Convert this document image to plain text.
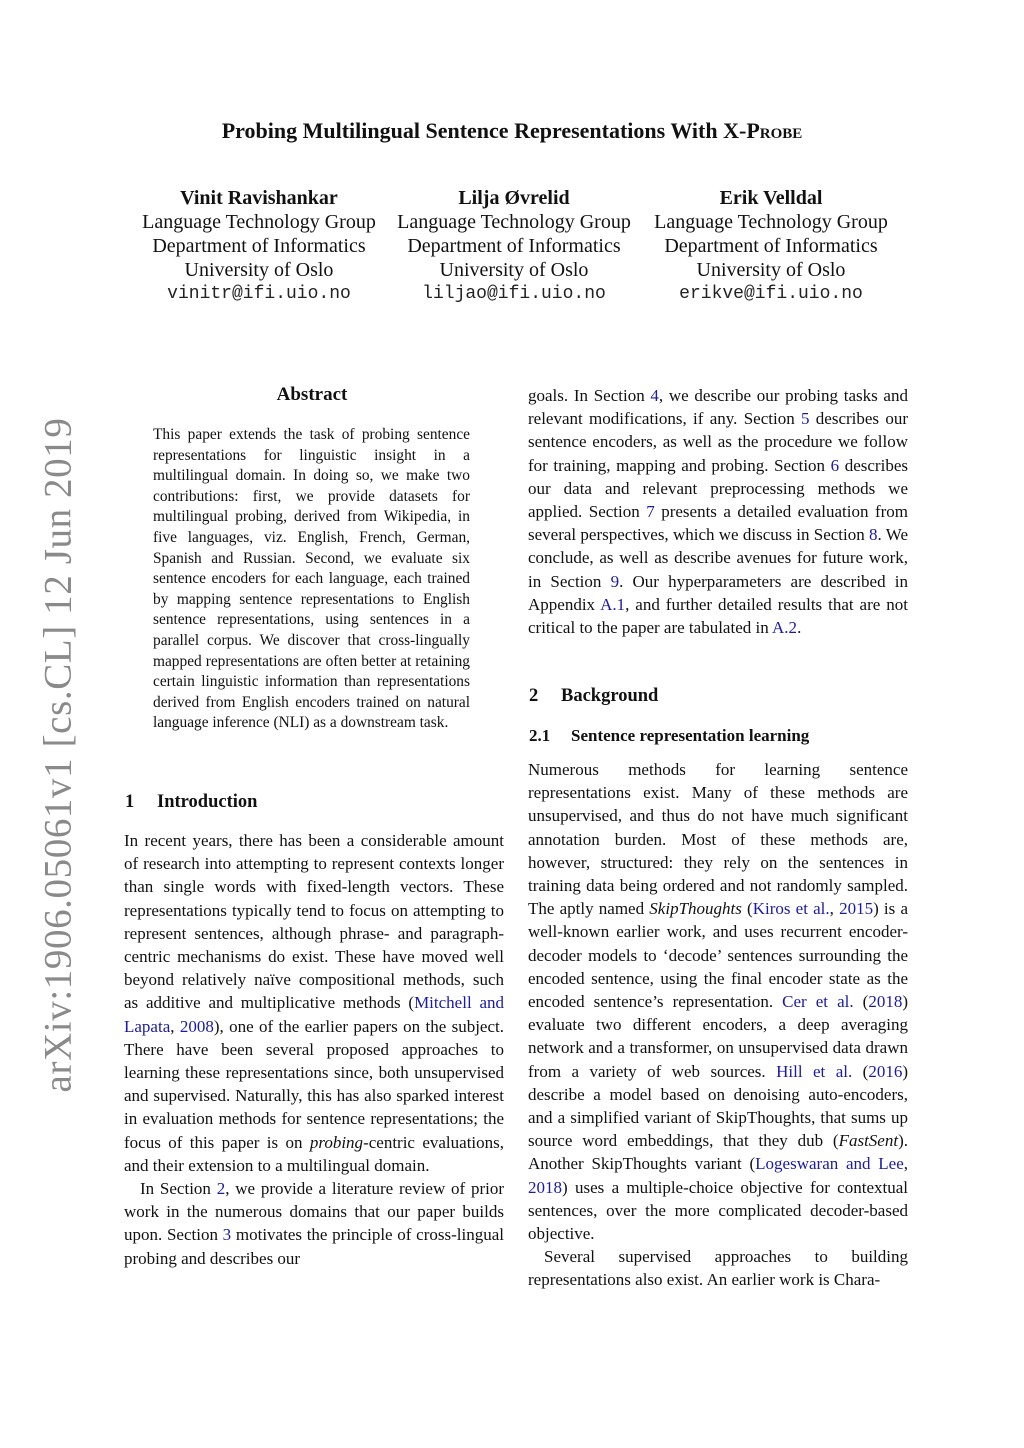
arXiv:1906.05061v1 [cs.CL] 12 Jun 2019
Probing Multilingual Sentence Representations With X-Probe
Vinit Ravishankar
Language Technology Group
Department of Informatics
University of Oslo
vinitr@ifi.uio.no
Lilja Øvrelid
Language Technology Group
Department of Informatics
University of Oslo
liljao@ifi.uio.no
Erik Velldal
Language Technology Group
Department of Informatics
University of Oslo
erikve@ifi.uio.no
Abstract
This paper extends the task of probing sentence representations for linguistic insight in a multilingual domain. In doing so, we make two contributions: first, we provide datasets for multilingual probing, derived from Wikipedia, in five languages, viz. English, French, German, Spanish and Russian. Second, we evaluate six sentence encoders for each language, each trained by mapping sentence representations to English sentence representations, using sentences in a parallel corpus. We discover that cross-lingually mapped representations are often better at retaining certain linguistic information than representations derived from English encoders trained on natural language inference (NLI) as a downstream task.
1 Introduction

In recent years, there has been a considerable amount of research into attempting to represent contexts longer than single words with fixed-length vectors. These representations typically tend to focus on attempting to represent sentences, although phrase- and paragraph-centric mechanisms do exist. These have moved well beyond relatively naïve compositional methods, such as additive and multiplicative methods (Mitchell and Lapata, 2008), one of the earlier papers on the subject. There have been several proposed approaches to learning these representations since, both unsupervised and supervised. Naturally, this has also sparked interest in evaluation methods for sentence representations; the focus of this paper is on probing-centric evaluations, and their extension to a multilingual domain.

In Section 2, we provide a literature review of prior work in the numerous domains that our paper builds upon. Section 3 motivates the principle of cross-lingual probing and describes our

goals. In Section 4, we describe our probing tasks and relevant modifications, if any. Section 5 describes our sentence encoders, as well as the procedure we follow for training, mapping and probing. Section 6 describes our data and relevant preprocessing methods we applied. Section 7 presents a detailed evaluation from several perspectives, which we discuss in Section 8. We conclude, as well as describe avenues for future work, in Section 9. Our hyperparameters are described in Appendix A.1, and further detailed results that are not critical to the paper are tabulated in A.2.

2 Background
2.1 Sentence representation learning

Numerous methods for learning sentence representations exist. Many of these methods are unsupervised, and thus do not have much significant annotation burden. Most of these methods are, however, structured: they rely on the sentences in training data being ordered and not randomly sampled. The aptly named SkipThoughts (Kiros et al., 2015) is a well-known earlier work, and uses recurrent encoder-decoder models to ‘decode’ sentences surrounding the encoded sentence, using the final encoder state as the encoded sentence’s representation. Cer et al. (2018) evaluate two different encoders, a deep averaging network and a transformer, on unsupervised data drawn from a variety of web sources. Hill et al. (2016) describe a model based on denoising auto-encoders, and a simplified variant of SkipThoughts, that sums up source word embeddings, that they dub (FastSent). Another SkipThoughts variant (Logeswaran and Lee, 2018) uses a multiple-choice objective for contextual sentences, over the more complicated decoder-based objective.

Several supervised approaches to building representations also exist. An earlier work is Chara-
